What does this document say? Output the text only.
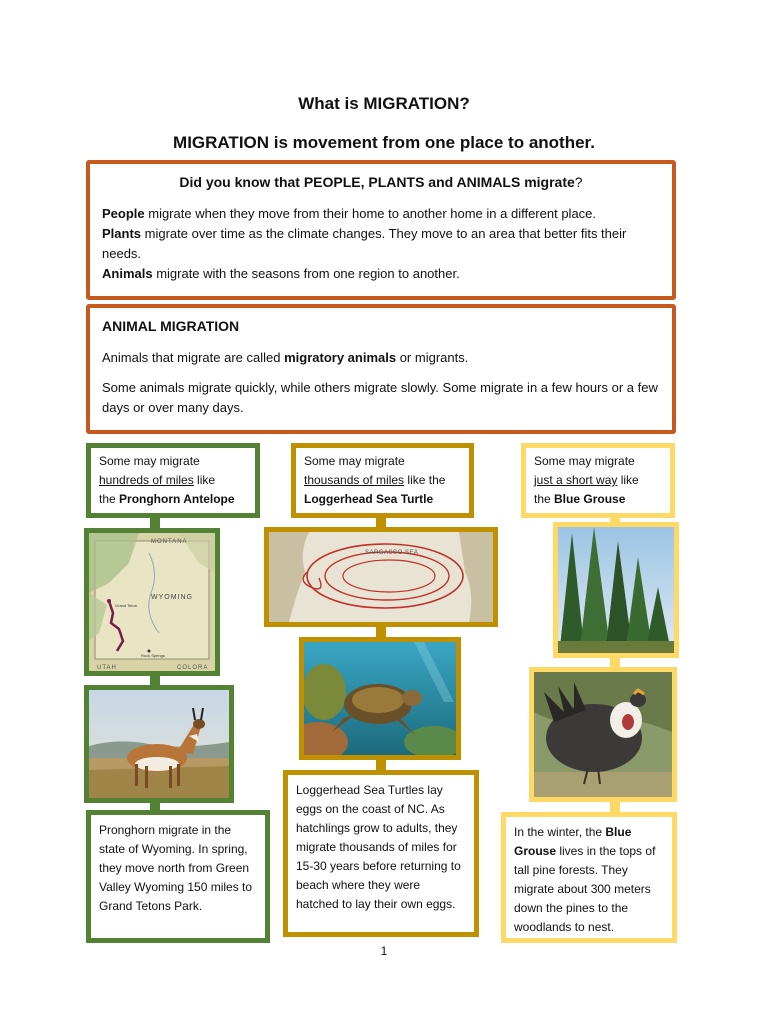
What is MIGRATION?
MIGRATION is movement from one place to another.
Did you know that PEOPLE, PLANTS and ANIMALS migrate?
People migrate when they move from their home to another home in a different place.
Plants migrate over time as the climate changes. They move to an area that better fits their needs.
Animals migrate with the seasons from one region to another.
ANIMAL MIGRATION
Animals that migrate are called migratory animals or migrants.
Some animals migrate quickly, while others migrate slowly. Some migrate in a few hours or a few days or over many days.
Some may migrate
hundreds of miles like
the Pronghorn Antelope
MONTANA
WYOMING
Grand Teton
Rock Springs
UTAH	COLORA
Pronghorn migrate in the state of Wyoming. In spring, they move north from Green Valley Wyoming 150 miles to Grand Tetons Park.
Some may migrate
thousands of miles like the
Loggerhead Sea Turtle
SARGASSO SEA
Loggerhead Sea Turtles lay eggs on the coast of NC. As hatchlings grow to adults, they migrate thousands of miles for 15-30 years before returning to beach where they were hatched to lay their own eggs.
Some may migrate
just a short way like
the Blue Grouse
In the winter, the Blue Grouse lives in the tops of tall pine forests. They migrate about 300 meters down the pines to the woodlands to nest.
1
